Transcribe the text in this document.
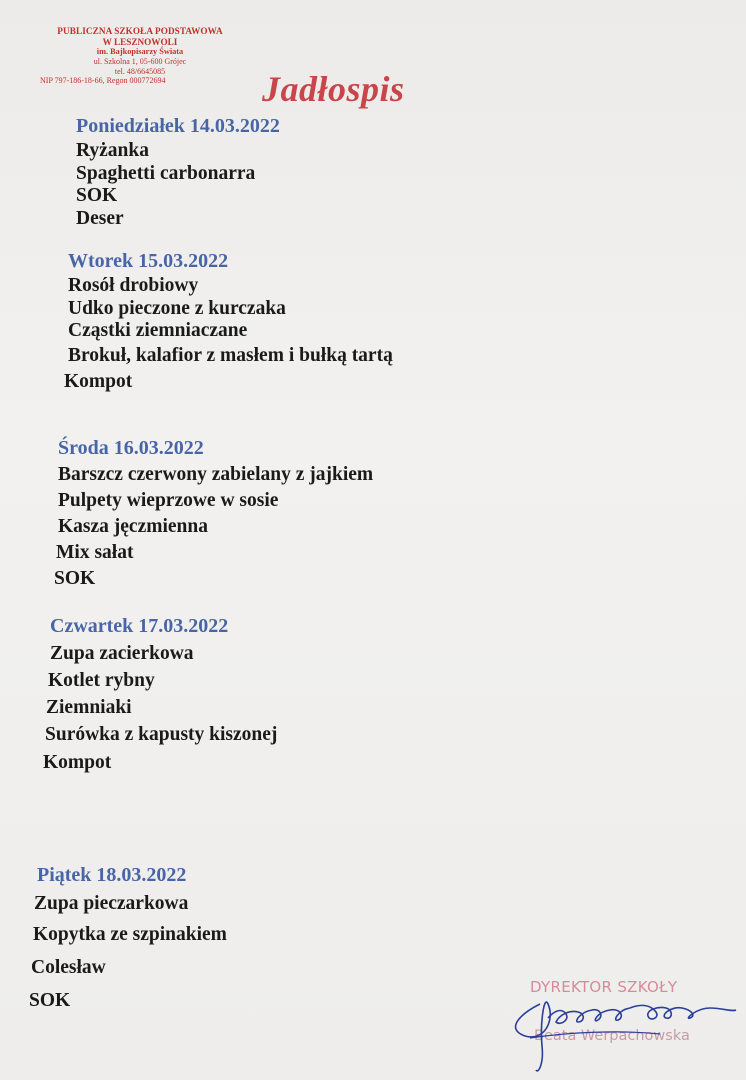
PUBLICZNA SZKOŁA PODSTAWOWA
W LESZNOWOLI
im. Bajkopisarzy Świata
ul. Szkolna 1, 05-600 Grójec
tel. 48/6645085
NIP 797-186-18-66, Regon 000772694	Jadłospis
Poniedziałek 14.03.2022
Ryżanka
Spaghetti carbonarra
SOK
Deser
Wtorek 15.03.2022
Rosół drobiowy
Udko pieczone z kurczaka
Cząstki ziemniaczane
Brokuł, kalafior z masłem i bułką tartą
Kompot
Środa 16.03.2022
Barszcz czerwony zabielany z jajkiem
Pulpety wieprzowe w sosie
Kasza jęczmienna
Mix sałat
SOK
Czwartek 17.03.2022
Zupa zacierkowa
Kotlet rybny
Ziemniaki
Surówka z kapusty kiszonej
Kompot
Piątek 18.03.2022
Zupa pieczarkowa
Kopytka ze szpinakiem
Colesław
SOK
DYREKTOR SZKOŁY
Beata Werpachowska
